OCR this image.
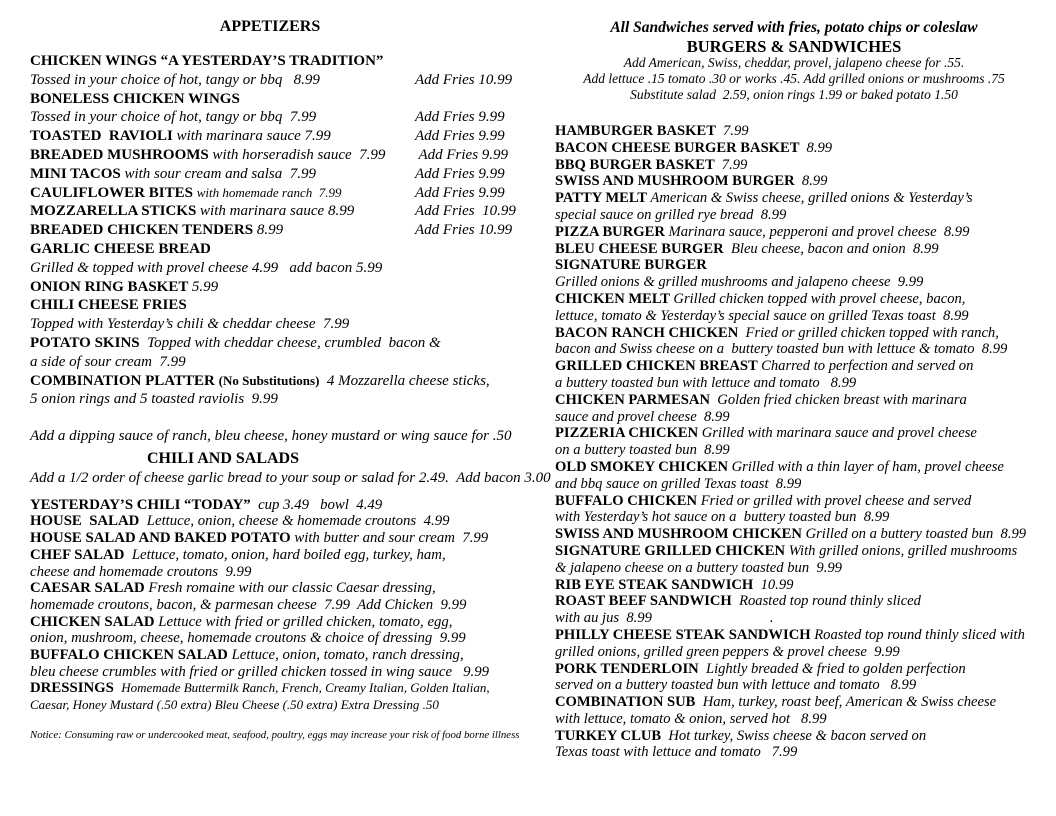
APPETIZERS
CHICKEN WINGS “A YESTERDAY’S TRADITION”
Tossed in your choice of hot, tangy or bbq   8.99	Add Fries 10.99
BONELESS CHICKEN WINGS
Tossed in your choice of hot, tangy or bbq  7.99	Add Fries 9.99
TOASTED  RAVIOLI with marinara sauce 7.99	Add Fries 9.99
BREADED MUSHROOMS with horseradish sauce  7.99 Add Fries 9.99
MINI TACOS with sour cream and salsa  7.99	Add Fries 9.99
CAULIFLOWER BITES with homemade ranch  7.99	Add Fries 9.99
MOZZARELLA STICKS with marinara sauce 8.99	Add Fries  10.99
BREADED CHICKEN TENDERS 8.99	Add Fries 10.99
GARLIC CHEESE BREAD
Grilled & topped with provel cheese 4.99   add bacon 5.99
ONION RING BASKET 5.99
CHILI CHEESE FRIES
Topped with Yesterday’s chili & cheddar cheese  7.99
POTATO SKINS  Topped with cheddar cheese, crumbled  bacon &
a side of sour cream  7.99
COMBINATION PLATTER (No Substitutions)  4 Mozzarella cheese sticks,
5 onion rings and 5 toasted raviolis  9.99
Add a dipping sauce of ranch, bleu cheese, honey mustard or wing sauce for .50
CHILI AND SALADS
Add a 1/2 order of cheese garlic bread to your soup or salad for 2.49.  Add bacon 3.00
YESTERDAY’S CHILI “TODAY”  cup 3.49   bowl  4.49
HOUSE  SALAD  Lettuce, onion, cheese & homemade croutons  4.99
HOUSE SALAD AND BAKED POTATO with butter and sour cream  7.99
CHEF SALAD  Lettuce, tomato, onion, hard boiled egg, turkey, ham,
cheese and homemade croutons  9.99
CAESAR SALAD Fresh romaine with our classic Caesar dressing,
homemade croutons, bacon, & parmesan cheese  7.99  Add Chicken  9.99
CHICKEN SALAD Lettuce with fried or grilled chicken, tomato, egg,
onion, mushroom, cheese, homemade croutons & choice of dressing  9.99
BUFFALO CHICKEN SALAD Lettuce, onion, tomato, ranch dressing,
bleu cheese crumbles with fried or grilled chicken tossed in wing sauce   9.99
DRESSINGS  Homemade Buttermilk Ranch, French, Creamy Italian, Golden Italian,
Caesar, Honey Mustard (.50 extra) Bleu Cheese (.50 extra) Extra Dressing .50
Notice: Consuming raw or undercooked meat, seafood, poultry, eggs may increase your risk of food borne illness
All Sandwiches served with fries, potato chips or coleslaw
BURGERS & SANDWICHES
Add American, Swiss, cheddar, provel, jalapeno cheese for .55.
Add lettuce .15 tomato .30 or works .45. Add grilled onions or mushrooms .75
Substitute salad  2.59, onion rings 1.99 or baked potato 1.50
HAMBURGER BASKET  7.99
BACON CHEESE BURGER BASKET  8.99
BBQ BURGER BASKET  7.99
SWISS AND MUSHROOM BURGER  8.99
PATTY MELT American & Swiss cheese, grilled onions & Yesterday’s
special sauce on grilled rye bread  8.99
PIZZA BURGER Marinara sauce, pepperoni and provel cheese  8.99
BLEU CHEESE BURGER  Bleu cheese, bacon and onion  8.99
SIGNATURE BURGER
Grilled onions & grilled mushrooms and jalapeno cheese  9.99
CHICKEN MELT Grilled chicken topped with provel cheese, bacon,
lettuce, tomato & Yesterday’s special sauce on grilled Texas toast  8.99
BACON RANCH CHICKEN  Fried or grilled chicken topped with ranch,
bacon and Swiss cheese on a  buttery toasted bun with lettuce & tomato  8.99
GRILLED CHICKEN BREAST Charred to perfection and served on
a buttery toasted bun with lettuce and tomato   8.99
CHICKEN PARMESAN  Golden fried chicken breast with marinara
sauce and provel cheese  8.99
PIZZERIA CHICKEN Grilled with marinara sauce and provel cheese
on a buttery toasted bun  8.99
OLD SMOKEY CHICKEN Grilled with a thin layer of ham, provel cheese
and bbq sauce on grilled Texas toast  8.99
BUFFALO CHICKEN Fried or grilled with provel cheese and served
with Yesterday’s hot sauce on a  buttery toasted bun  8.99
SWISS AND MUSHROOM CHICKEN Grilled on a buttery toasted bun  8.99
SIGNATURE GRILLED CHICKEN With grilled onions, grilled mushrooms
& jalapeno cheese on a buttery toasted bun  9.99
RIB EYE STEAK SANDWICH  10.99
ROAST BEEF SANDWICH  Roasted top round thinly sliced
with au jus  8.99	.
PHILLY CHEESE STEAK SANDWICH Roasted top round thinly sliced with
grilled onions, grilled green peppers & provel cheese  9.99
PORK TENDERLOIN  Lightly breaded & fried to golden perfection
served on a buttery toasted bun with lettuce and tomato   8.99
COMBINATION SUB  Ham, turkey, roast beef, American & Swiss cheese
with lettuce, tomato & onion, served hot   8.99
TURKEY CLUB  Hot turkey, Swiss cheese & bacon served on
Texas toast with lettuce and tomato   7.99
